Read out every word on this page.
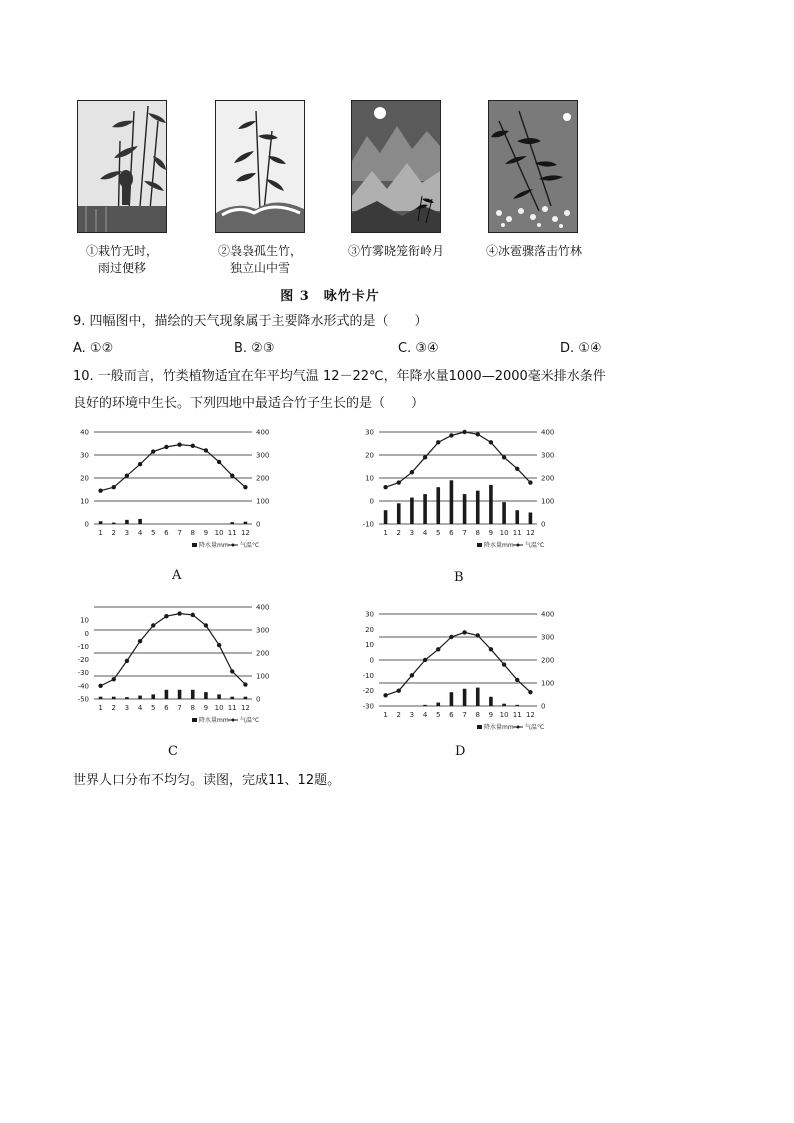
①栽竹无时，
雨过便移
②袅袅孤生竹，
独立山中雪
③竹雾晓笼衔岭月	④冰雹骤落击竹林
图 3　咏竹卡片
9. 四幅图中，描绘的天气现象属于主要降水形式的是（　　）
A. ①②	B. ②③	C. ③④	D. ①④
10. 一般而言，竹类植物适宜在年平均气温 12－22℃，年降水量1000—2000毫米排水条件
良好的环境中生长。下列四地中最适合竹子生长的是（　　）
0
100
200
300
400
0
10
20
30
40
1 2 3 4 5 6 7 8 9 10 11 12
降水量mm 气温°C
0
100
200
300
400
-10
0
10
20
30
1 2 3 4 5 6 7 8 9 10 11 12
降水量mm 气温°C
0
100
200
300
400
-50
-40
-30
-20
-10
0
10
1 2 3 4 5 6 7 8 9 10 11 12
降水量mm 气温°C
0
100
200
300
400
-30
-20
-10
0
10
20
30
1 2 3 4 5 6 7 8 9 10 11 12
降水量mm 气温°C
A	B
C	D
世界人口分布不均匀。读图，完成11、12题。
